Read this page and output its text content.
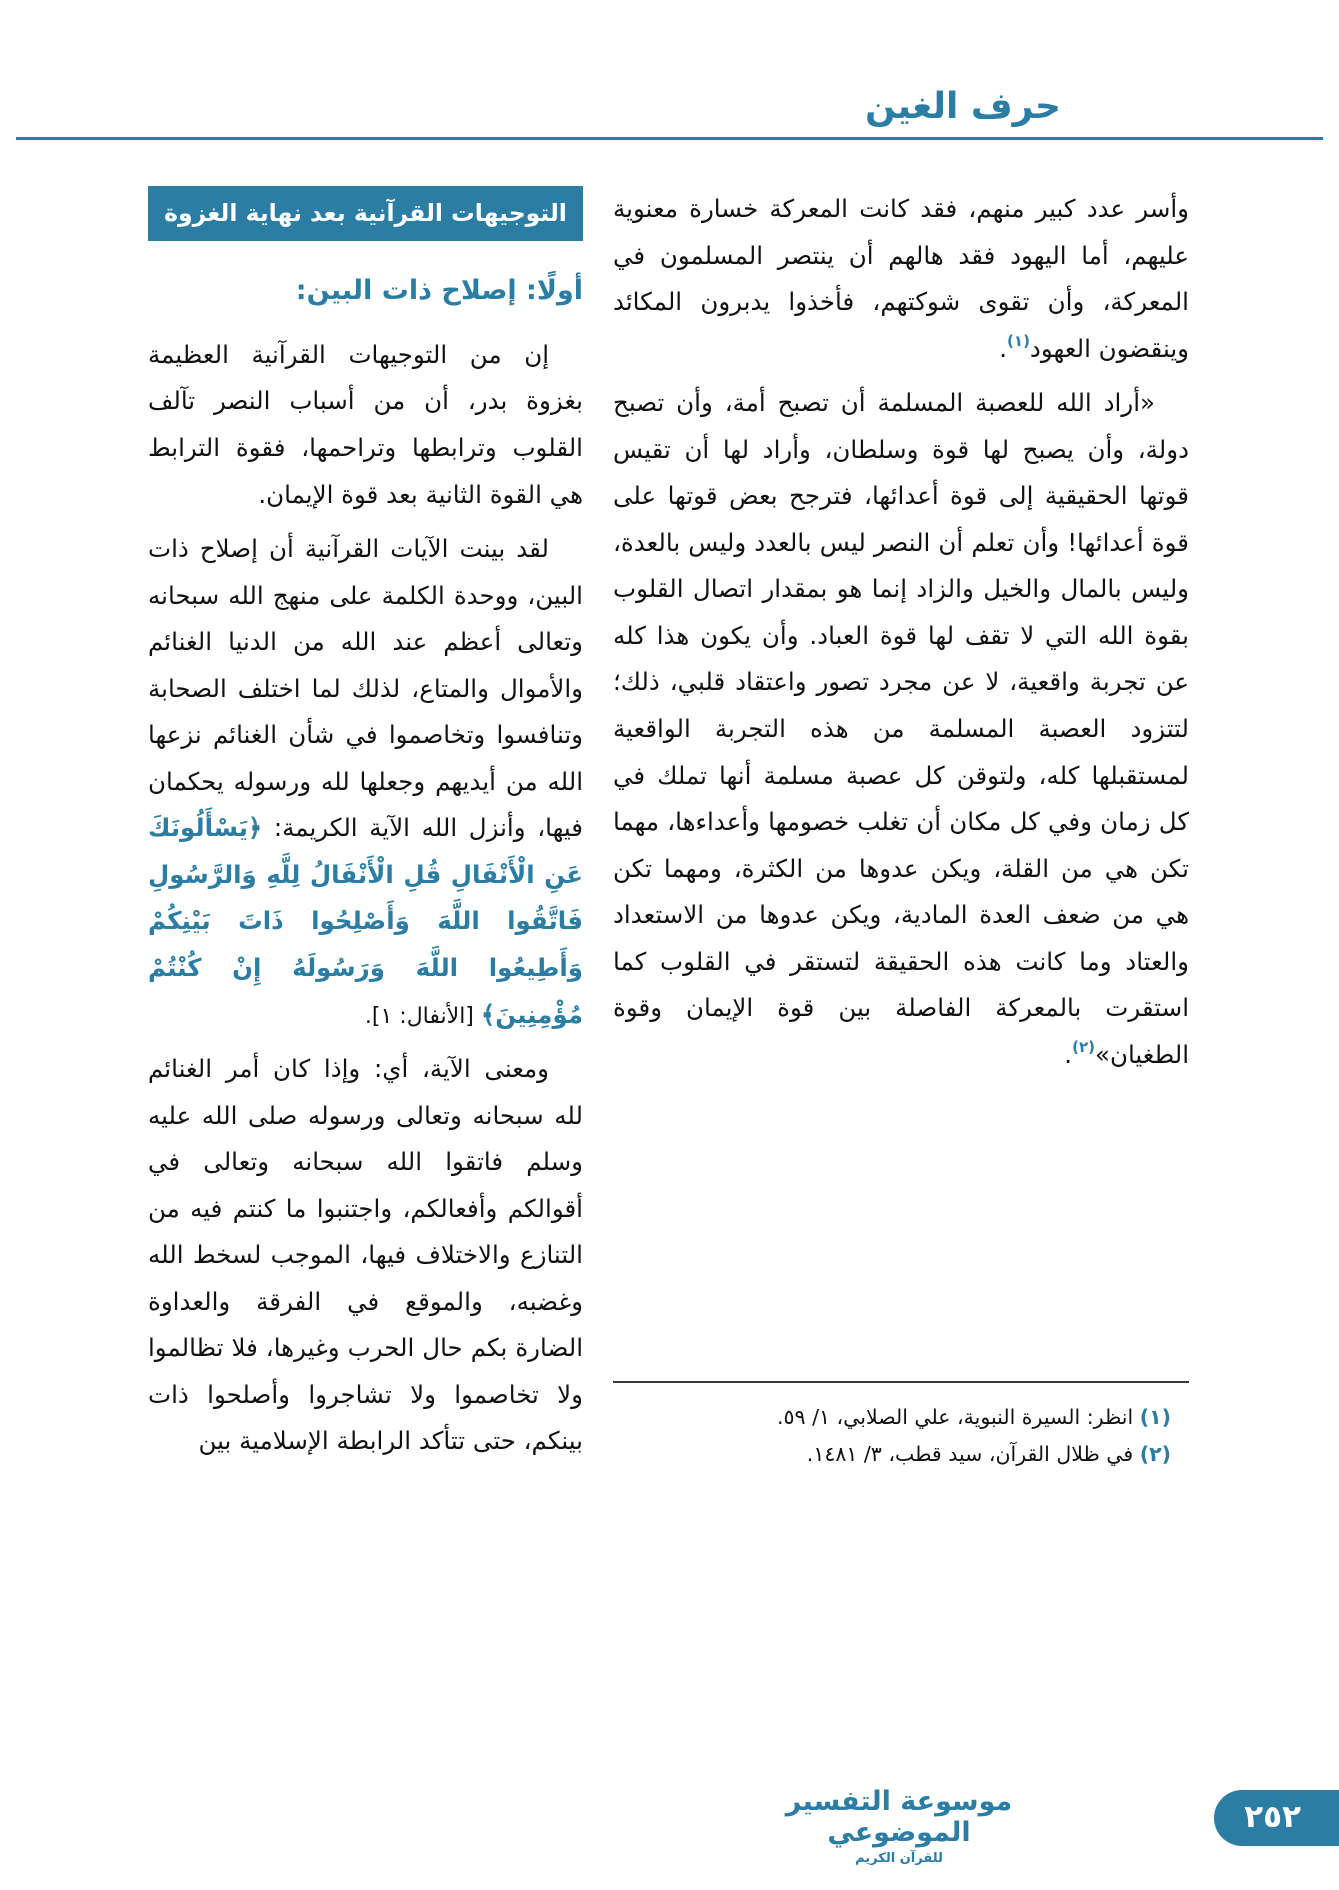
حرف الغين

وأسر عدد كبير منهم، فقد كانت المعركة خسارة معنوية عليهم، أما اليهود فقد هالهم أن ينتصر المسلمون في المعركة، وأن تقوى شوكتهم، فأخذوا يدبرون المكائد وينقضون العهود$^{(١)}$.

«أراد الله للعصبة المسلمة أن تصبح أمة، وأن تصبح دولة، وأن يصبح لها قوة وسلطان، وأراد لها أن تقيس قوتها الحقيقية إلى قوة أعدائها، فترجح بعض قوتها على قوة أعدائها! وأن تعلم أن النصر ليس بالعدد وليس بالعدة، وليس بالمال والخيل والزاد إنما هو بمقدار اتصال القلوب بقوة الله التي لا تقف لها قوة العباد. وأن يكون هذا كله عن تجربة واقعية، لا عن مجرد تصور واعتقاد قلبي، ذلك؛ لتتزود العصبة المسلمة من هذه التجربة الواقعية لمستقبلها كله، ولتوقن كل عصبة مسلمة أنها تملك في كل زمان وفي كل مكان أن تغلب خصومها وأعداءها، مهما تكن هي من القلة، ويكن عدوها من الكثرة، ومهما تكن هي من ضعف العدة المادية، ويكن عدوها من الاستعداد والعتاد وما كانت هذه الحقيقة لتستقر في القلوب كما استقرت بالمعركة الفاصلة بين قوة الإيمان وقوة الطغيان»$^{(٢)}$.

(١) انظر: السيرة النبوية، علي الصلابي، ١/ ٥٩.
(٢) في ظلال القرآن، سيد قطب، ٣/ ١٤٨١.
التوجيهات القرآنية بعد نهاية الغزوة
أولًا: إصلاح ذات البين:

إن من التوجيهات القرآنية العظيمة بغزوة بدر، أن من أسباب النصر تآلف القلوب وترابطها وتراحمها، فقوة الترابط هي القوة الثانية بعد قوة الإيمان.

لقد بينت الآيات القرآنية أن إصلاح ذات البين، ووحدة الكلمة على منهج الله سبحانه وتعالى أعظم عند الله من الدنيا الغنائم والأموال والمتاع، لذلك لما اختلف الصحابة وتنافسوا وتخاصموا في شأن الغنائم نزعها الله من أيديهم وجعلها لله ورسوله يحكمان فيها، وأنزل الله الآية الكريمة: ﴿يَسْأَلُونَكَ عَنِ الْأَنْفَالِ قُلِ الْأَنْفَالُ لِلَّهِ وَالرَّسُولِ فَاتَّقُوا اللَّهَ وَأَصْلِحُوا ذَاتَ بَيْنِكُمْ وَأَطِيعُوا اللَّهَ وَرَسُولَهُ إِنْ كُنْتُمْ مُؤْمِنِينَ﴾ [الأنفال: ١].

ومعنى الآية، أي: وإذا كان أمر الغنائم لله سبحانه وتعالى ورسوله صلى الله عليه وسلم فاتقوا الله سبحانه وتعالى في أقوالكم وأفعالكم، واجتنبوا ما كنتم فيه من التنازع والاختلاف فيها، الموجب لسخط الله وغضبه، والموقع في الفرقة والعداوة الضارة بكم حال الحرب وغيرها، فلا تظالموا ولا تخاصموا ولا تشاجروا وأصلحوا ذات بينكم، حتى تتأكد الرابطة الإسلامية بين

موسوعة التفسير الموضوعي
للقرآن الكريم
٢٥٢
